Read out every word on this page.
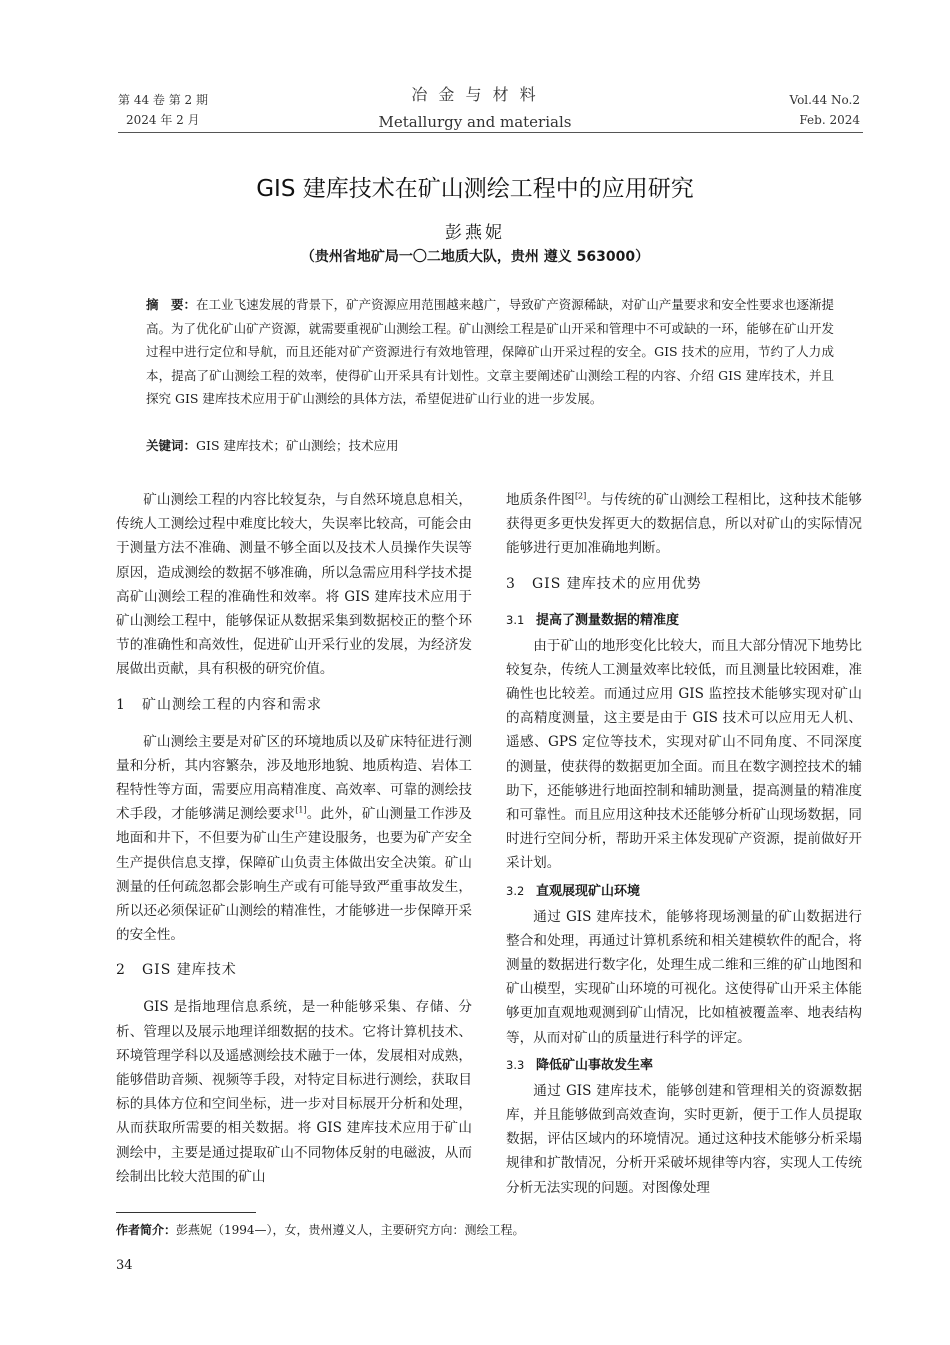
第 44 卷 第 2 期
2024 年 2 月
冶 金 与 材 料
Metallurgy and materials
Vol.44 No.2
Feb. 2024
GIS 建库技术在矿山测绘工程中的应用研究
彭燕妮
（贵州省地矿局一〇二地质大队，贵州 遵义 563000）
摘　要：在工业飞速发展的背景下，矿产资源应用范围越来越广，导致矿产资源稀缺，对矿山产量要求和安全性要求也逐渐提高。为了优化矿山矿产资源，就需要重视矿山测绘工程。矿山测绘工程是矿山开采和管理中不可或缺的一环，能够在矿山开发过程中进行定位和导航，而且还能对矿产资源进行有效地管理，保障矿山开采过程的安全。GIS 技术的应用，节约了人力成本，提高了矿山测绘工程的效率，使得矿山开采具有计划性。文章主要阐述矿山测绘工程的内容、介绍 GIS 建库技术，并且探究 GIS 建库技术应用于矿山测绘的具体方法，希望促进矿山行业的进一步发展。
关键词：GIS 建库技术；矿山测绘；技术应用

矿山测绘工程的内容比较复杂，与自然环境息息相关，传统人工测绘过程中难度比较大，失误率比较高，可能会由于测量方法不准确、测量不够全面以及技术人员操作失误等原因，造成测绘的数据不够准确，所以急需应用科学技术提高矿山测绘工程的准确性和效率。将 GIS 建库技术应用于矿山测绘工程中，能够保证从数据采集到数据校正的整个环节的准确性和高效性，促进矿山开采行业的发展，为经济发展做出贡献，具有积极的研究价值。

1 矿山测绘工程的内容和需求

矿山测绘主要是对矿区的环境地质以及矿床特征进行测量和分析，其内容繁杂，涉及地形地貌、地质构造、岩体工程特性等方面，需要应用高精准度、高效率、可靠的测绘技术手段，才能够满足测绘要求[1]。此外，矿山测量工作涉及地面和井下，不但要为矿山生产建设服务，也要为矿产安全生产提供信息支撑，保障矿山负责主体做出安全决策。矿山测量的任何疏忽都会影响生产或有可能导致严重事故发生，所以还必须保证矿山测绘的精准性，才能够进一步保障开采的安全性。

2 GIS 建库技术

GIS 是指地理信息系统，是一种能够采集、存储、分析、管理以及展示地理详细数据的技术。它将计算机技术、环境管理学科以及遥感测绘技术融于一体，发展相对成熟，能够借助音频、视频等手段，对特定目标进行测绘，获取目标的具体方位和空间坐标，进一步对目标展开分析和处理，从而获取所需要的相关数据。将 GIS 建库技术应用于矿山测绘中，主要是通过提取矿山不同物体反射的电磁波，从而绘制出比较大范围的矿山

地质条件图[2]。与传统的矿山测绘工程相比，这种技术能够获得更多更快发挥更大的数据信息，所以对矿山的实际情况能够进行更加准确地判断。

3 GIS 建库技术的应用优势
3.1 提高了测量数据的精准度

由于矿山的地形变化比较大，而且大部分情况下地势比较复杂，传统人工测量效率比较低，而且测量比较困难，准确性也比较差。而通过应用 GIS 监控技术能够实现对矿山的高精度测量，这主要是由于 GIS 技术可以应用无人机、遥感、GPS 定位等技术，实现对矿山不同角度、不同深度的测量，使获得的数据更加全面。而且在数字测控技术的辅助下，还能够进行地面控制和辅助测量，提高测量的精准度和可靠性。而且应用这种技术还能够分析矿山现场数据，同时进行空间分析，帮助开采主体发现矿产资源，提前做好开采计划。

3.2 直观展现矿山环境

通过 GIS 建库技术，能够将现场测量的矿山数据进行整合和处理，再通过计算机系统和相关建模软件的配合，将测量的数据进行数字化，处理生成二维和三维的矿山地图和矿山模型，实现矿山环境的可视化。这使得矿山开采主体能够更加直观地观测到矿山情况，比如植被覆盖率、地表结构等，从而对矿山的质量进行科学的评定。

3.3 降低矿山事故发生率

通过 GIS 建库技术，能够创建和管理相关的资源数据库，并且能够做到高效查询，实时更新，便于工作人员提取数据，评估区域内的环境情况。通过这种技术能够分析采塌规律和扩散情况，分析开采破坏规律等内容，实现人工传统分析无法实现的问题。对图像处理

作者简介：彭燕妮（1994—），女，贵州遵义人，主要研究方向：测绘工程。
34
